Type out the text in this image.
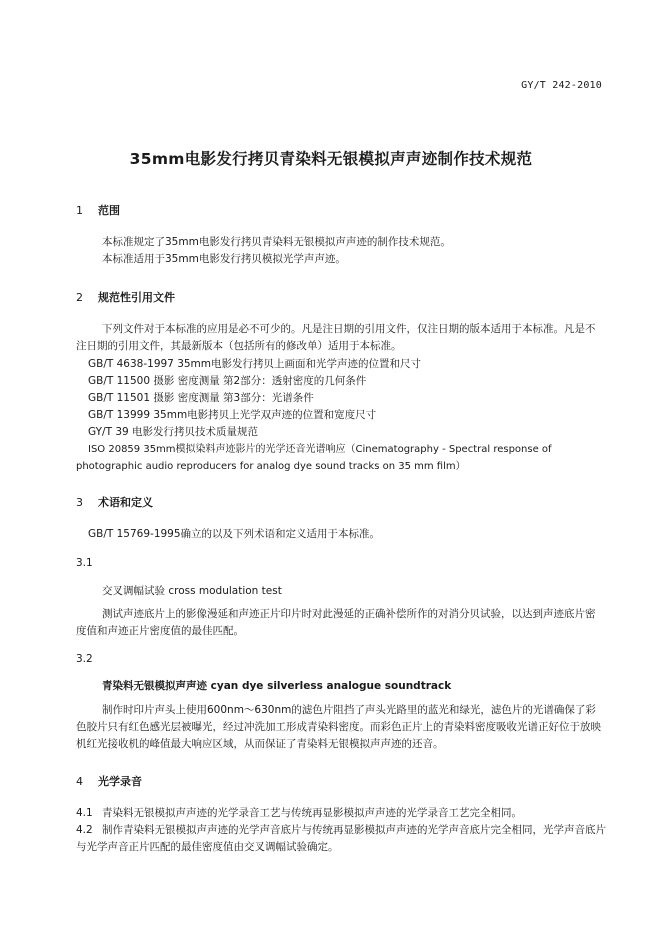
GY/T 242-2010
35mm电影发行拷贝青染料无银模拟声声迹制作技术规范
1 范围
本标准规定了35mm电影发行拷贝青染料无银模拟声声迹的制作技术规范。
本标准适用于35mm电影发行拷贝模拟光学声声迹。
2 规范性引用文件
下列文件对于本标准的应用是必不可少的。凡是注日期的引用文件，仅注日期的版本适用于本标准。凡是不注日期的引用文件，其最新版本（包括所有的修改单）适用于本标准。
GB/T 4638-1997 35mm电影发行拷贝上画面和光学声迹的位置和尺寸
GB/T 11500 摄影 密度测量 第2部分：透射密度的几何条件
GB/T 11501 摄影 密度测量 第3部分：光谱条件
GB/T 13999 35mm电影拷贝上光学双声迹的位置和宽度尺寸
GY/T 39 电影发行拷贝技术质量规范
ISO 20859 35mm模拟染料声迹影片的光学还音光谱响应（Cinematography - Spectral response of photographic audio reproducers for analog dye sound tracks on 35 mm film）
3 术语和定义
GB/T 15769-1995确立的以及下列术语和定义适用于本标准。
3.1
交叉调幅试验 cross modulation test
测试声迹底片上的影像漫延和声迹正片印片时对此漫延的正确补偿所作的对消分贝试验，以达到声迹底片密度值和声迹正片密度值的最佳匹配。
3.2
青染料无银模拟声声迹 cyan dye silverless analogue soundtrack
制作时印片声头上使用600nm～630nm的滤色片阻挡了声头光路里的蓝光和绿光，滤色片的光谱确保了彩色胶片只有红色感光层被曝光，经过冲洗加工形成青染料密度。而彩色正片上的青染料密度吸收光谱正好位于放映机红光接收机的峰值最大响应区域，从而保证了青染料无银模拟声声迹的还音。
4 光学录音
4.1 青染料无银模拟声声迹的光学录音工艺与传统再显影模拟声声迹的光学录音工艺完全相同。
4.2 制作青染料无银模拟声声迹的光学声音底片与传统再显影模拟声声迹的光学声音底片完全相同，光学声音底片与光学声音正片匹配的最佳密度值由交叉调幅试验确定。
